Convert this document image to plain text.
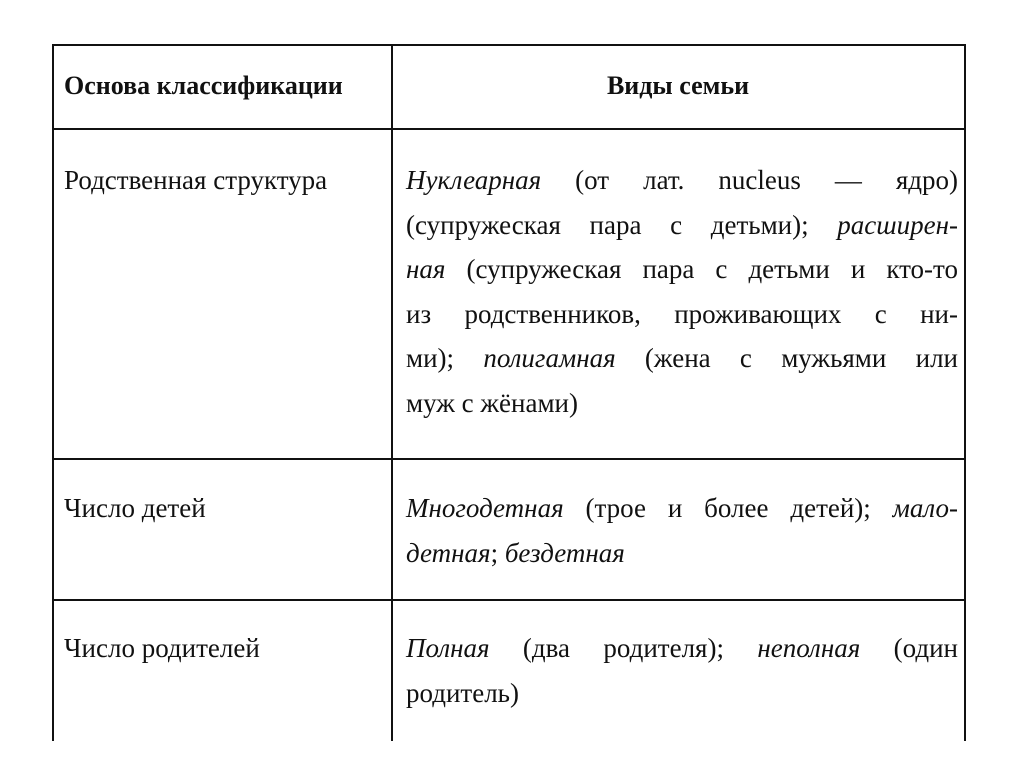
Основа классификации	Виды семьи
Родственная структура	Нуклеарная (от лат. nucleus — ядро)
(супружеская пара с детьми); расширен-
ная (супружеская пара с детьми и кто-то
из родственников, проживающих с ни-
ми); полигамная (жена с мужьями или
муж с жёнами)
Число детей	Многодетная (трое и более детей); мало-
детная; бездетная
Число родителей	Полная (два родителя); неполная (один
родитель)
